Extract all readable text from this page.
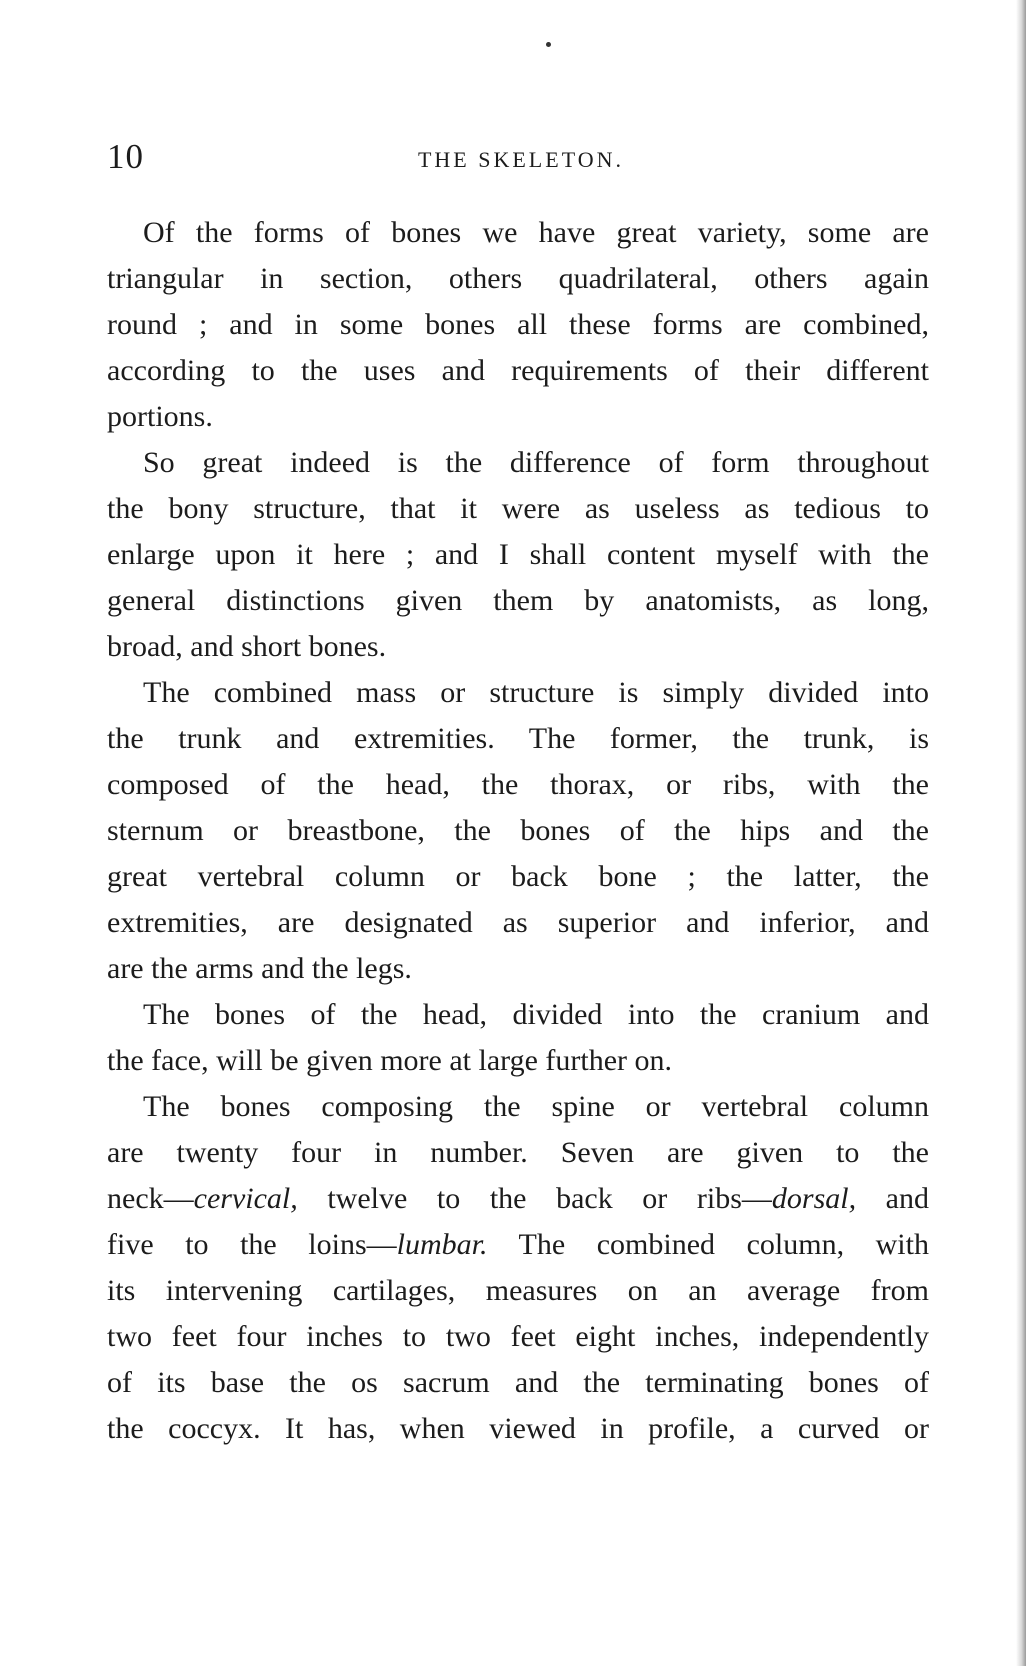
10	THE SKELETON.
Of the forms of bones we have great variety, some are
triangular in section, others quadrilateral, others again
round ; and in some bones all these forms are combined,
according to the uses and requirements of their different
portions.
So great indeed is the difference of form throughout
the bony structure, that it were as useless as tedious to
enlarge upon it here ; and I shall content myself with the
general distinctions given them by anatomists, as long,
broad, and short bones.
The combined mass or structure is simply divided into
the trunk and extremities. The former, the trunk, is
composed of the head, the thorax, or ribs, with the
sternum or breastbone, the bones of the hips and the
great vertebral column or back bone ; the latter, the
extremities, are designated as superior and inferior, and
are the arms and the legs.
The bones of the head, divided into the cranium and
the face, will be given more at large further on.
The bones composing the spine or vertebral column
are twenty four in number. Seven are given to the
neck—cervical, twelve to the back or ribs—dorsal, and
five to the loins—lumbar. The combined column, with
its intervening cartilages, measures on an average from
two feet four inches to two feet eight inches, independently
of its base the os sacrum and the terminating bones of
the coccyx. It has, when viewed in profile, a curved or
